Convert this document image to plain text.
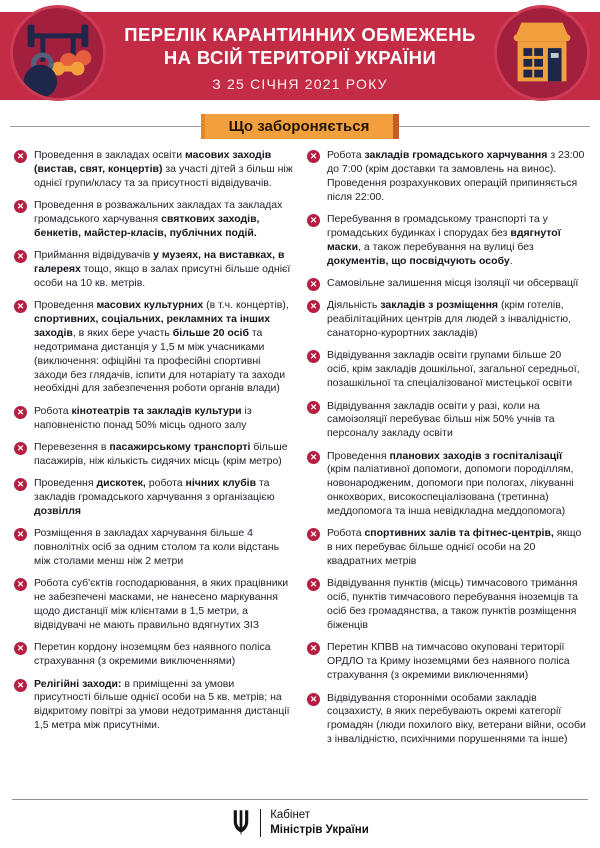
ПЕРЕЛІК КАРАНТИННИХ ОБМЕЖЕНЬ
НА ВСІЙ ТЕРИТОРІЇ УКРАЇНИ
З 25 СІЧНЯ 2021 РОКУ
Що забороняється
✕ Проведення в закладах освіти масових заходів (вистав, свят, концертів) за участі дітей з більш ніж однієї групи/класу та за присутності відвідувачів.
✕ Проведення в розважальних закладах та закладах громадського харчування святкових заходів, бенкетів, майстер-класів, публічних подій.
✕ Приймання відвідувачів у музеях, на виставках, в галереях тощо, якщо в залах присутні більше однієї особи на 10 кв. метрів.
✕ Проведення масових культурних (в т.ч. концертів), спортивних, соціальних, рекламних та інших заходів, в яких бере участь більше 20 осіб та недотримана дистанція у 1,5 м між учасниками (виключення: офіційні та професійні спортивні заходи без глядачів, іспити для нотаріату та заходи необхідні для забезпечення роботи органів влади)
✕ Робота кінотеатрів та закладів культури із наповненістю понад 50% місць одного залу
✕ Перевезення в пасажирському транспорті більше пасажирів, ніж кількість сидячих місць (крім метро)
✕ Проведення дискотек, робота нічних клубів та закладів громадського харчування з організацією дозвілля
✕ Розміщення в закладах харчування більше 4 повнолітніх осіб за одним столом та коли відстань між столами менш ніж 2 метри
✕ Робота суб'єктів господарювання, в яких працівники не забезпечені масками, не нанесено маркування щодо дистанції між клієнтами в 1,5 метри, а відвідувачі не мають правильно вдягнутих ЗІЗ
✕ Перетин кордону іноземцям без наявного поліса страхування (з окремими виключеннями)
✕ Релігійні заходи: в приміщенні за умови присутності більше однієї особи на 5 кв. метрів; на відкритому повітрі за умови недотримання дистанції 1,5 метра між присутніми.
✕ Робота закладів громадського харчування з 23:00 до 7:00 (крім доставки та замовлень на винос). Проведення розрахункових операцій припиняється після 22:00.
✕ Перебування в громадському транспорті та у громадських будинках і спорудах без вдягнутої маски, а також перебування на вулиці без документів, що посвідчують особу.
✕ Самовільне залишення місця ізоляції чи обсервації
✕ Діяльність закладів з розміщення (крім готелів, реабілітаційних центрів для людей з інвалідністю, санаторно-курортних закладів)
✕ Відвідування закладів освіти групами більше 20 осіб, крім закладів дошкільної, загальної середньої, позашкільної та спеціалізованої мистецької освіти
✕ Відвідування закладів освіти у разі, коли на самоізоляції перебуває більш ніж 50% учнів та персоналу закладу освіти
✕ Проведення планових заходів з госпіталізації (крім паліативної допомоги, допомоги породіллям, новонародженим, допомоги при пологах, лікуванні онкохворих, високоспеціалізована (третинна) меддопомога та інша невідкладна меддопомога)
✕ Робота спортивних залів та фітнес-центрів, якщо в них перебуває більше однієї особи на 20 квадратних метрів
✕ Відвідування пунктів (місць) тимчасового тримання осіб, пунктів тимчасового перебування іноземців та осіб без громадянства, а також пунктів розміщення біженців
✕ Перетин КПВВ на тимчасово окуповані території ОРДЛО та Криму іноземцями без наявного поліса страхування (з окремими виключеннями)
✕ Відвідування сторонніми особами закладів соцзахисту, в яких перебувають окремі категорії громадян (люди похилого віку, ветерани війни, особи з інвалідністю, психічними порушеннями та інше)
Кабінет
Міністрів України
